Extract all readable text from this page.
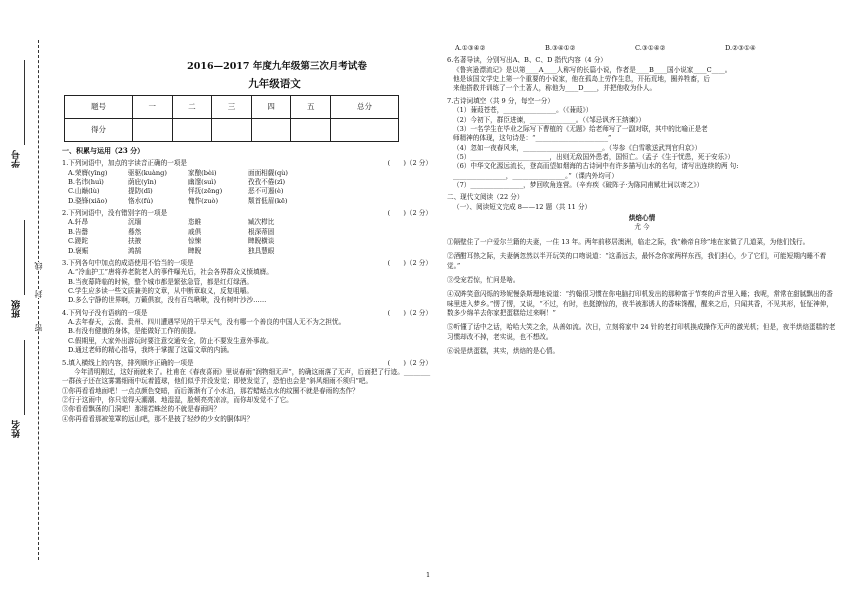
学号
班级
姓名
线
封
密
2016—2017 年度九年级第三次月考试卷
九年级语文
题号	一	二	三	四	五	总分
得分						
一、积累与运用（23 分）
1.下列词语中，加点的字读音正确的一项是	(　　)（2 分）
A.荣膺(yīng)	驱驱(kuàng)	家酿(bèi)	面面相觑(qù)
B.名讳(huì)	荫庇(yīn)	幽邃(suì)	孜孜不倦(zī)
C.山巅(lù)	提防(dī)	怦抚(zēng)	恶不可遏(è)
D.骁锋(xiāo)	恪水(fú)	愧怍(zuò)	颓首低眉(kē)
2.下列词语中，没有错别字的一项是	(　　)（2 分）
A.轩昂	沉缅	恣睢	臧次栉比
B.告罄	蓦然	戚俱	根深蒂固
C.蹉跎	扶掖	惊悚	睥睨横谈
D.褒赈	鸿鹄	睥睨	独具慧眼
3.下列各句中加点的成语使用不恰当的一项是	(　　)（2 分）
A.“冷血护工”唐将养老院老人的事件曝光后，社会各界群众义愤填膺。
B.当夜幕降临的时候，整个城市都是繁弦急管，都是红灯绿酒。
C.学生应多读一些文质兼美的文章，从中断章取义，反复咀嚼。
D.多么宁静的世界啊，万籁俱寂，没有百鸟啾啾，没有树叶沙沙……
4.下列句子没有语病的一项是	(　　)（2 分）
A.去年春天，云南、贵州、四川遭遇罕见的干旱天气，没有哪一个善良的中国人无不为之担忧。
B.有没有健康的身体，是能做好工作的前提。
C.假期里，大家外出游玩时要注意交通安全，防止不要发生意外事故。
D.通过老师的精心指导，我终于掌握了这篇文章的内涵。
5.填入横线上的内容，排列顺序正确的一项是	(　　)（2 分）
今年清明刚过，这好雨就来了。杜甫在《春夜喜雨》里说春雨“润物细无声”，的确这雨落了无声，后面把了行迹。________一群孩子还在这雾霭细雨中玩着篮球，他们似乎并没发觉；即使发觉了，恐怕也会是“斜风细雨不须归”吧。
①你再看看地面吧！一点点颜色变暗，而后渐渐有了小水泊，那若蜡蛞点水的纹圈不就是春雨的杰作？
②行于这雨中，你只觉得天潮潮、地湿湿，脸颊亮亮凉凉，而你却发觉不了它。
③你看看飘荡的门洞吧！那细若蛛丝的不就是春雨吗？
④你再看看那被笼罩的远山吧，那不是披了轻纱的少女的胴体吗？
A.①③④②	B.③④①②	C.③①④②	D.②③①④
6.名著导读，分别写出A、B、C、D 指代内容（4 分）
《鲁宾逊漂流记》是以第____A____人称写的长篇小说，作者是____B____国小说家____C____。
他是该国文学史上第一个重要的小说家，他在孤岛上劳作生息，开拓荒地，圈养牲畜，后
来他搭救并训练了一个土著人，称他为____D____，并把他收为仆人。
7.古诗词填空（共 9 分，每空一分）
（1）蒹葭苍苍，________________。（《蒹葭》）
（2）今初下，群臣进谏，______________。（《邹忌讽齐王纳谏》）
（3）一名学生在毕业之际写下曹植的《无题》给老师写了一副对联，其中的比喻正是老
师精神的体现，这句诗是：“______________________”
（4）忽如一夜春风来，________________________。（岑参《白雪歌送武判官归京》）
（5）________________________，出则无敌国外患者，国恒亡。（孟子《生于忧患，死于安乐》）
（6）中华文化源远流长，登高而望如烟海的古诗词中有许多描写山水的名句，请写出连续的两 句:
________________，________________。”（课内外均可）
（7）________________，梦回吹角连营。（辛弃疾《破阵子·为陈同甫赋壮词以寄之》）
二、现代文阅读（22 分）
（一）、阅读短文完成 8——12 题（共 11 分）
烘焙心情
尤 今
①隔壁住了一户爱尔兰籍的夫妻，一住 13 年。两年前移居澳洲，临走之际，我“赖帝自珍”地在家做了几道菜，为他们饯行。
②酒酣耳热之际，夫妻俩忽然以半开玩笑的口吻说道：“这番远去，最怀念你家两样东西，我们担心，少了它们，可能短期内睡不着觉。”
③受宠若惊，忙问是啥。
④双眸笑意闪烁的珍妮慢条斯理地说道：“约翰很习惯在你电脑打印机发出的那种富于节奏的声音里入睡；我呢，常常在甜腻飘出的香味里进入梦乡。”愣了愣，又说，“不过，有时，也挺撩惊的，夜半被那诱人的香味馋醒，醒来之后，只闻其香，不见其形，怔怔神伸，数多少绵羊去你家把蛋糕给过来啊！”
⑤听懂了话中之话，哈哈大笑之余，从善如流。次日，立刻将家中 24 针的老打印机换成操作无声的激光机；但是，夜半烘焙蛋糕的老习惯却改不掉，老实说，也不想改。
⑥说是烘蛋糕，其实，烘焙的是心情。
1
